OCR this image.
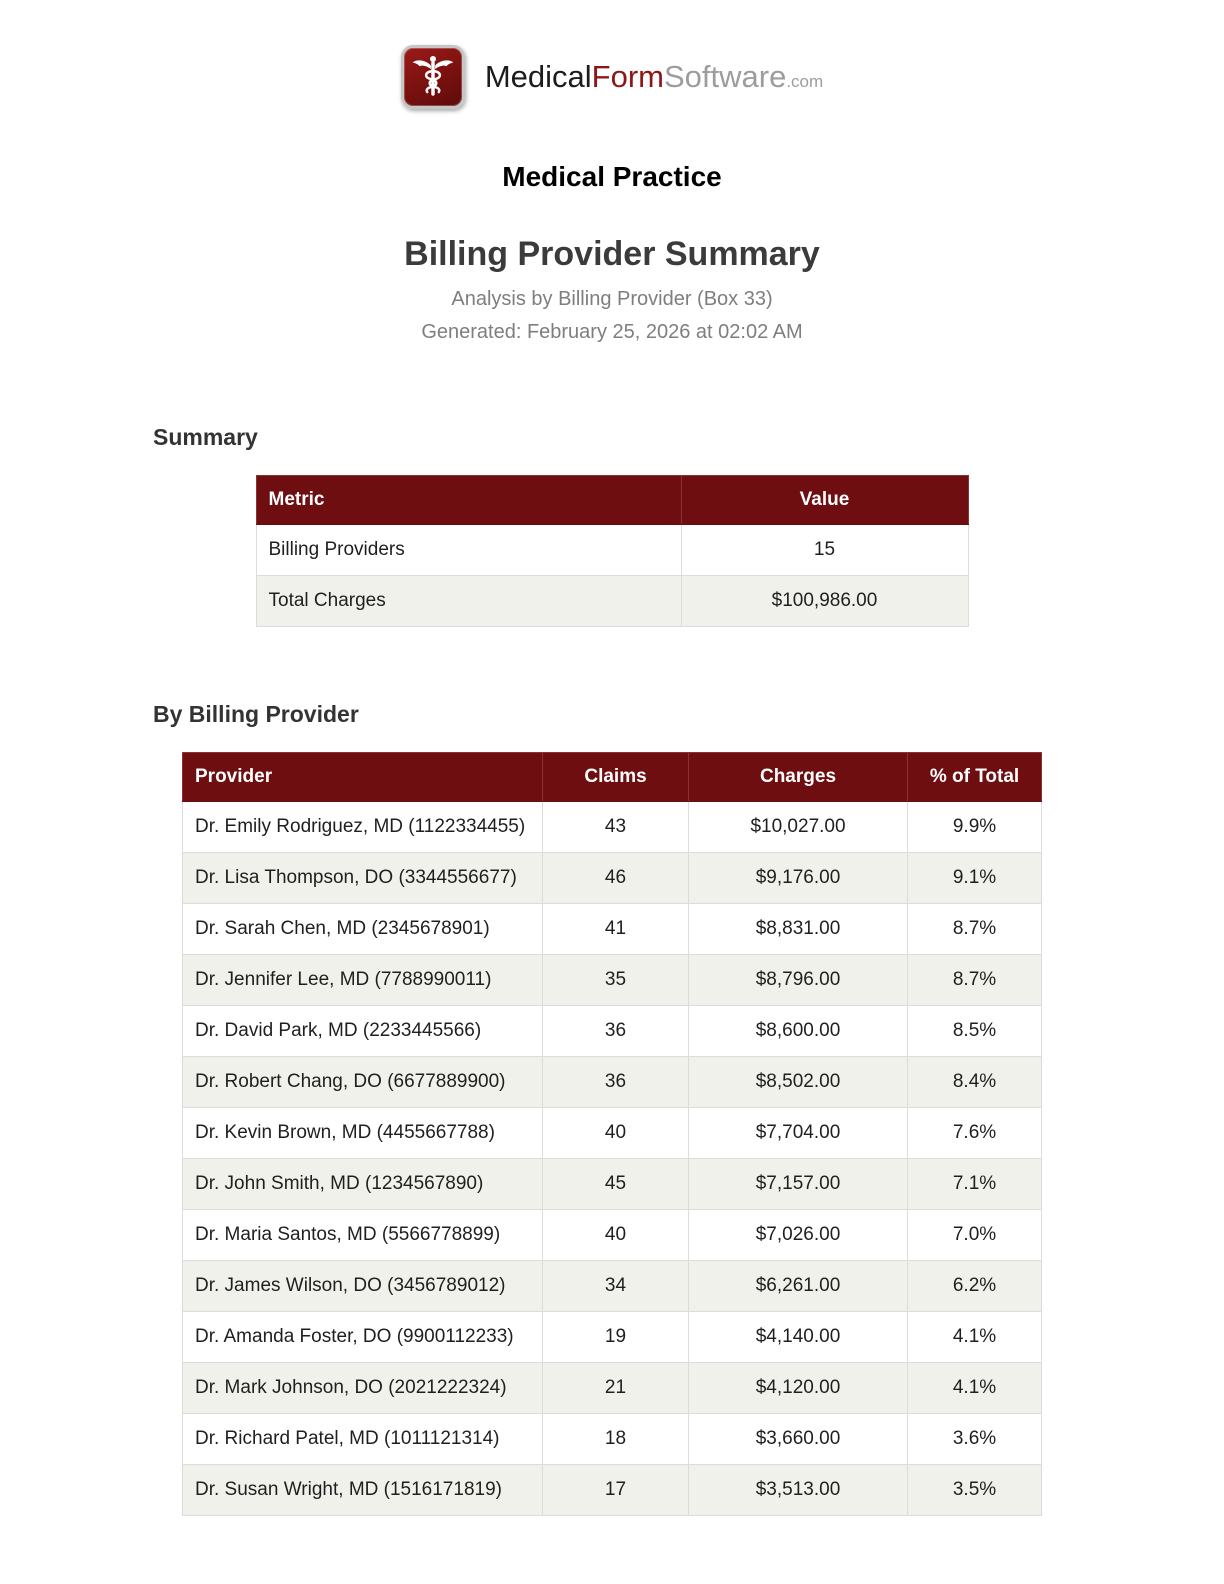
MedicalFormSoftware.com
Medical Practice
Billing Provider Summary

Analysis by Billing Provider (Box 33)

Generated: February 25, 2026 at 02:02 AM

Summary
Metric	Value
Billing Providers	15
Total Charges	$100,986.00
By Billing Provider
Provider	Claims	Charges	% of Total
Dr. Emily Rodriguez, MD (1122334455)	43	$10,027.00	9.9%
Dr. Lisa Thompson, DO (3344556677)	46	$9,176.00	9.1%
Dr. Sarah Chen, MD (2345678901)	41	$8,831.00	8.7%
Dr. Jennifer Lee, MD (7788990011)	35	$8,796.00	8.7%
Dr. David Park, MD (2233445566)	36	$8,600.00	8.5%
Dr. Robert Chang, DO (6677889900)	36	$8,502.00	8.4%
Dr. Kevin Brown, MD (4455667788)	40	$7,704.00	7.6%
Dr. John Smith, MD (1234567890)	45	$7,157.00	7.1%
Dr. Maria Santos, MD (5566778899)	40	$7,026.00	7.0%
Dr. James Wilson, DO (3456789012)	34	$6,261.00	6.2%
Dr. Amanda Foster, DO (9900112233)	19	$4,140.00	4.1%
Dr. Mark Johnson, DO (2021222324)	21	$4,120.00	4.1%
Dr. Richard Patel, MD (1011121314)	18	$3,660.00	3.6%
Dr. Susan Wright, MD (1516171819)	17	$3,513.00	3.5%
